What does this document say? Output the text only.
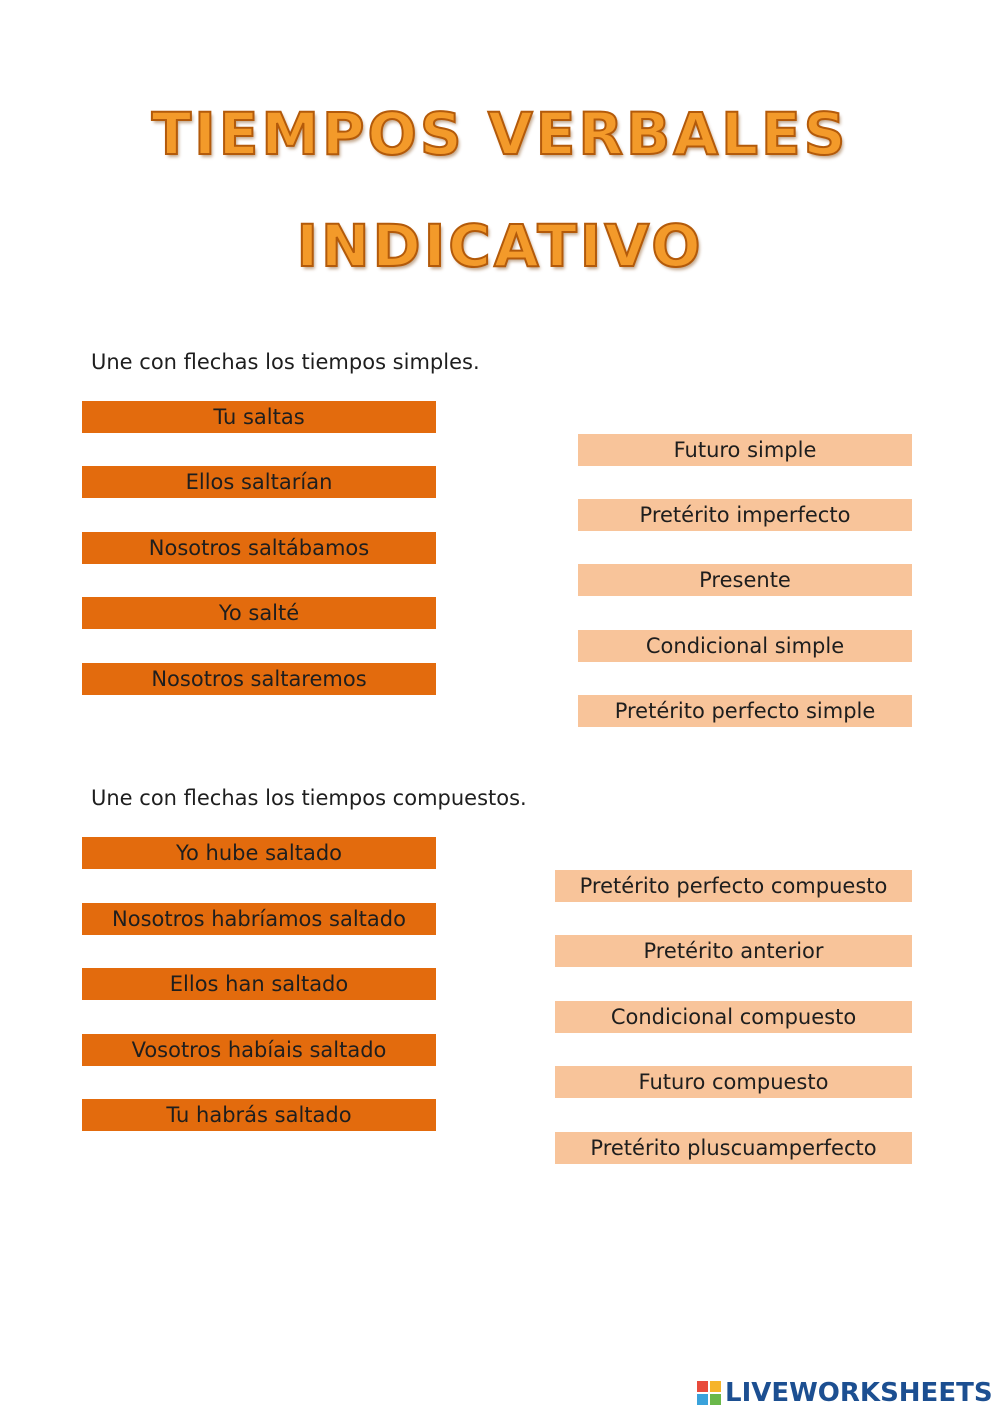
TIEMPOS VERBALES
INDICATIVO
Une con flechas los tiempos simples.
Tu saltas
Ellos saltarían
Nosotros saltábamos
Yo salté
Nosotros saltaremos
Futuro simple
Pretérito imperfecto
Presente
Condicional simple
Pretérito perfecto simple
Une con flechas los tiempos compuestos.
Yo hube saltado
Nosotros habríamos saltado
Ellos han saltado
Vosotros habíais saltado
Tu habrás saltado
Pretérito perfecto compuesto
Pretérito anterior
Condicional compuesto
Futuro compuesto
Pretérito pluscuamperfecto
LIVEWORKSHEETS
